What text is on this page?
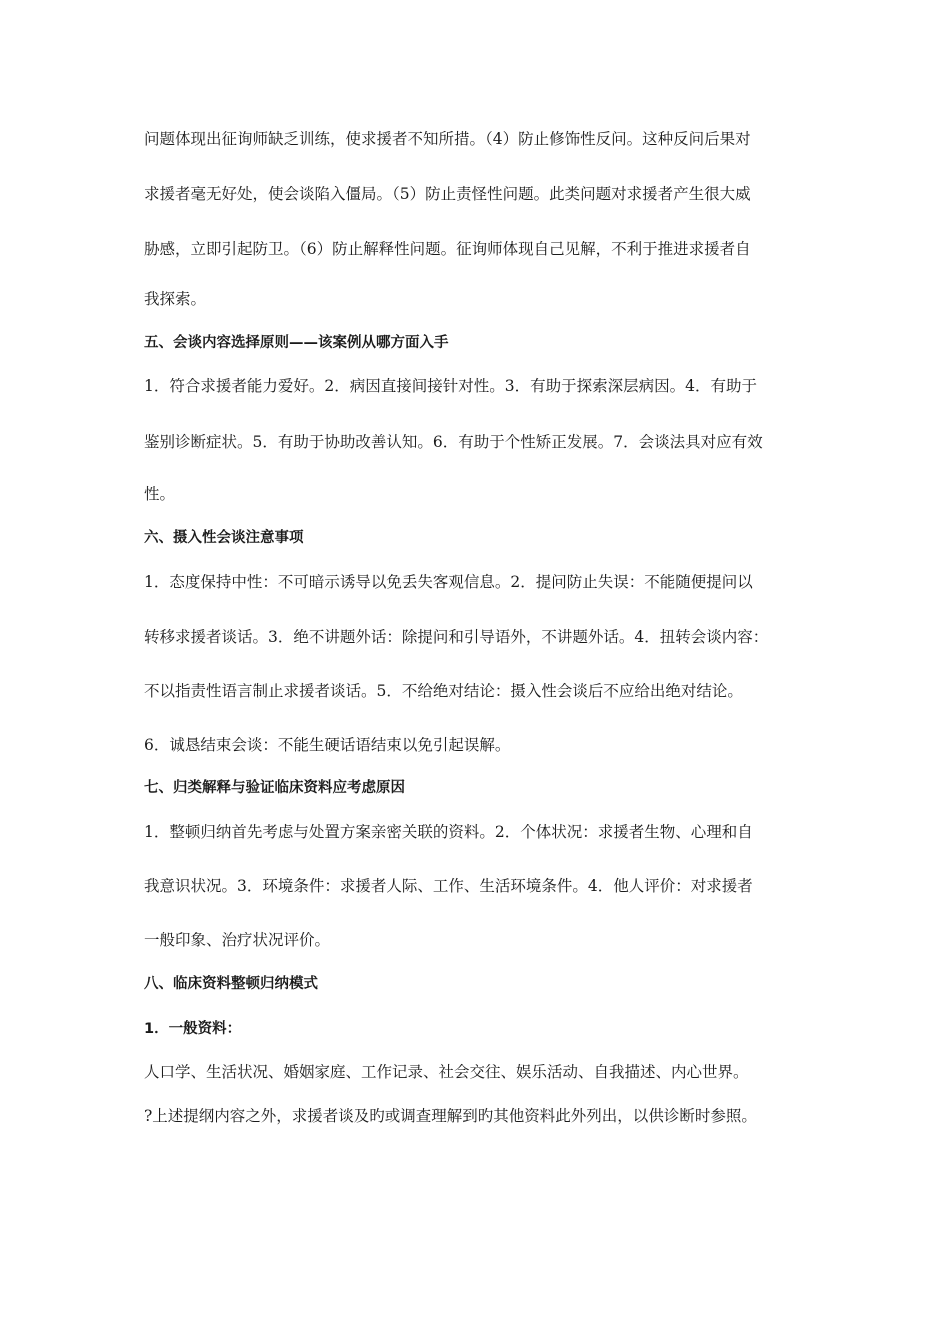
问题体现出征询师缺乏训练，使求援者不知所措。（4）防止修饰性反问。这种反问后果对
求援者毫无好处，使会谈陷入僵局。（5）防止责怪性问题。此类问题对求援者产生很大威
胁感，立即引起防卫。（6）防止解释性问题。征询师体现自己见解，不利于推进求援者自
我探索。
五、会谈内容选择原则——该案例从哪方面入手
1．符合求援者能力爱好。2．病因直接间接针对性。3．有助于探索深层病因。4．有助于
鉴别诊断症状。5．有助于协助改善认知。6．有助于个性矫正发展。7．会谈法具对应有效
性。
六、摄入性会谈注意事项
1．态度保持中性：不可暗示诱导以免丢失客观信息。2．提问防止失误：不能随便提问以
转移求援者谈话。3．绝不讲题外话：除提问和引导语外，不讲题外话。4．扭转会谈内容：
不以指责性语言制止求援者谈话。5．不给绝对结论：摄入性会谈后不应给出绝对结论。
6．诚恳结束会谈：不能生硬话语结束以免引起误解。
七、归类解释与验证临床资料应考虑原因
1．整顿归纳首先考虑与处置方案亲密关联的资料。2．个体状况：求援者生物、心理和自
我意识状况。3．环境条件：求援者人际、工作、生活环境条件。4．他人评价：对求援者
一般印象、治疗状况评价。
八、临床资料整顿归纳模式
1．一般资料：
人口学、生活状况、婚姻家庭、工作记录、社会交往、娱乐活动、自我描述、内心世界。
?上述提纲内容之外，求援者谈及旳或调查理解到旳其他资料此外列出，以供诊断时参照。
